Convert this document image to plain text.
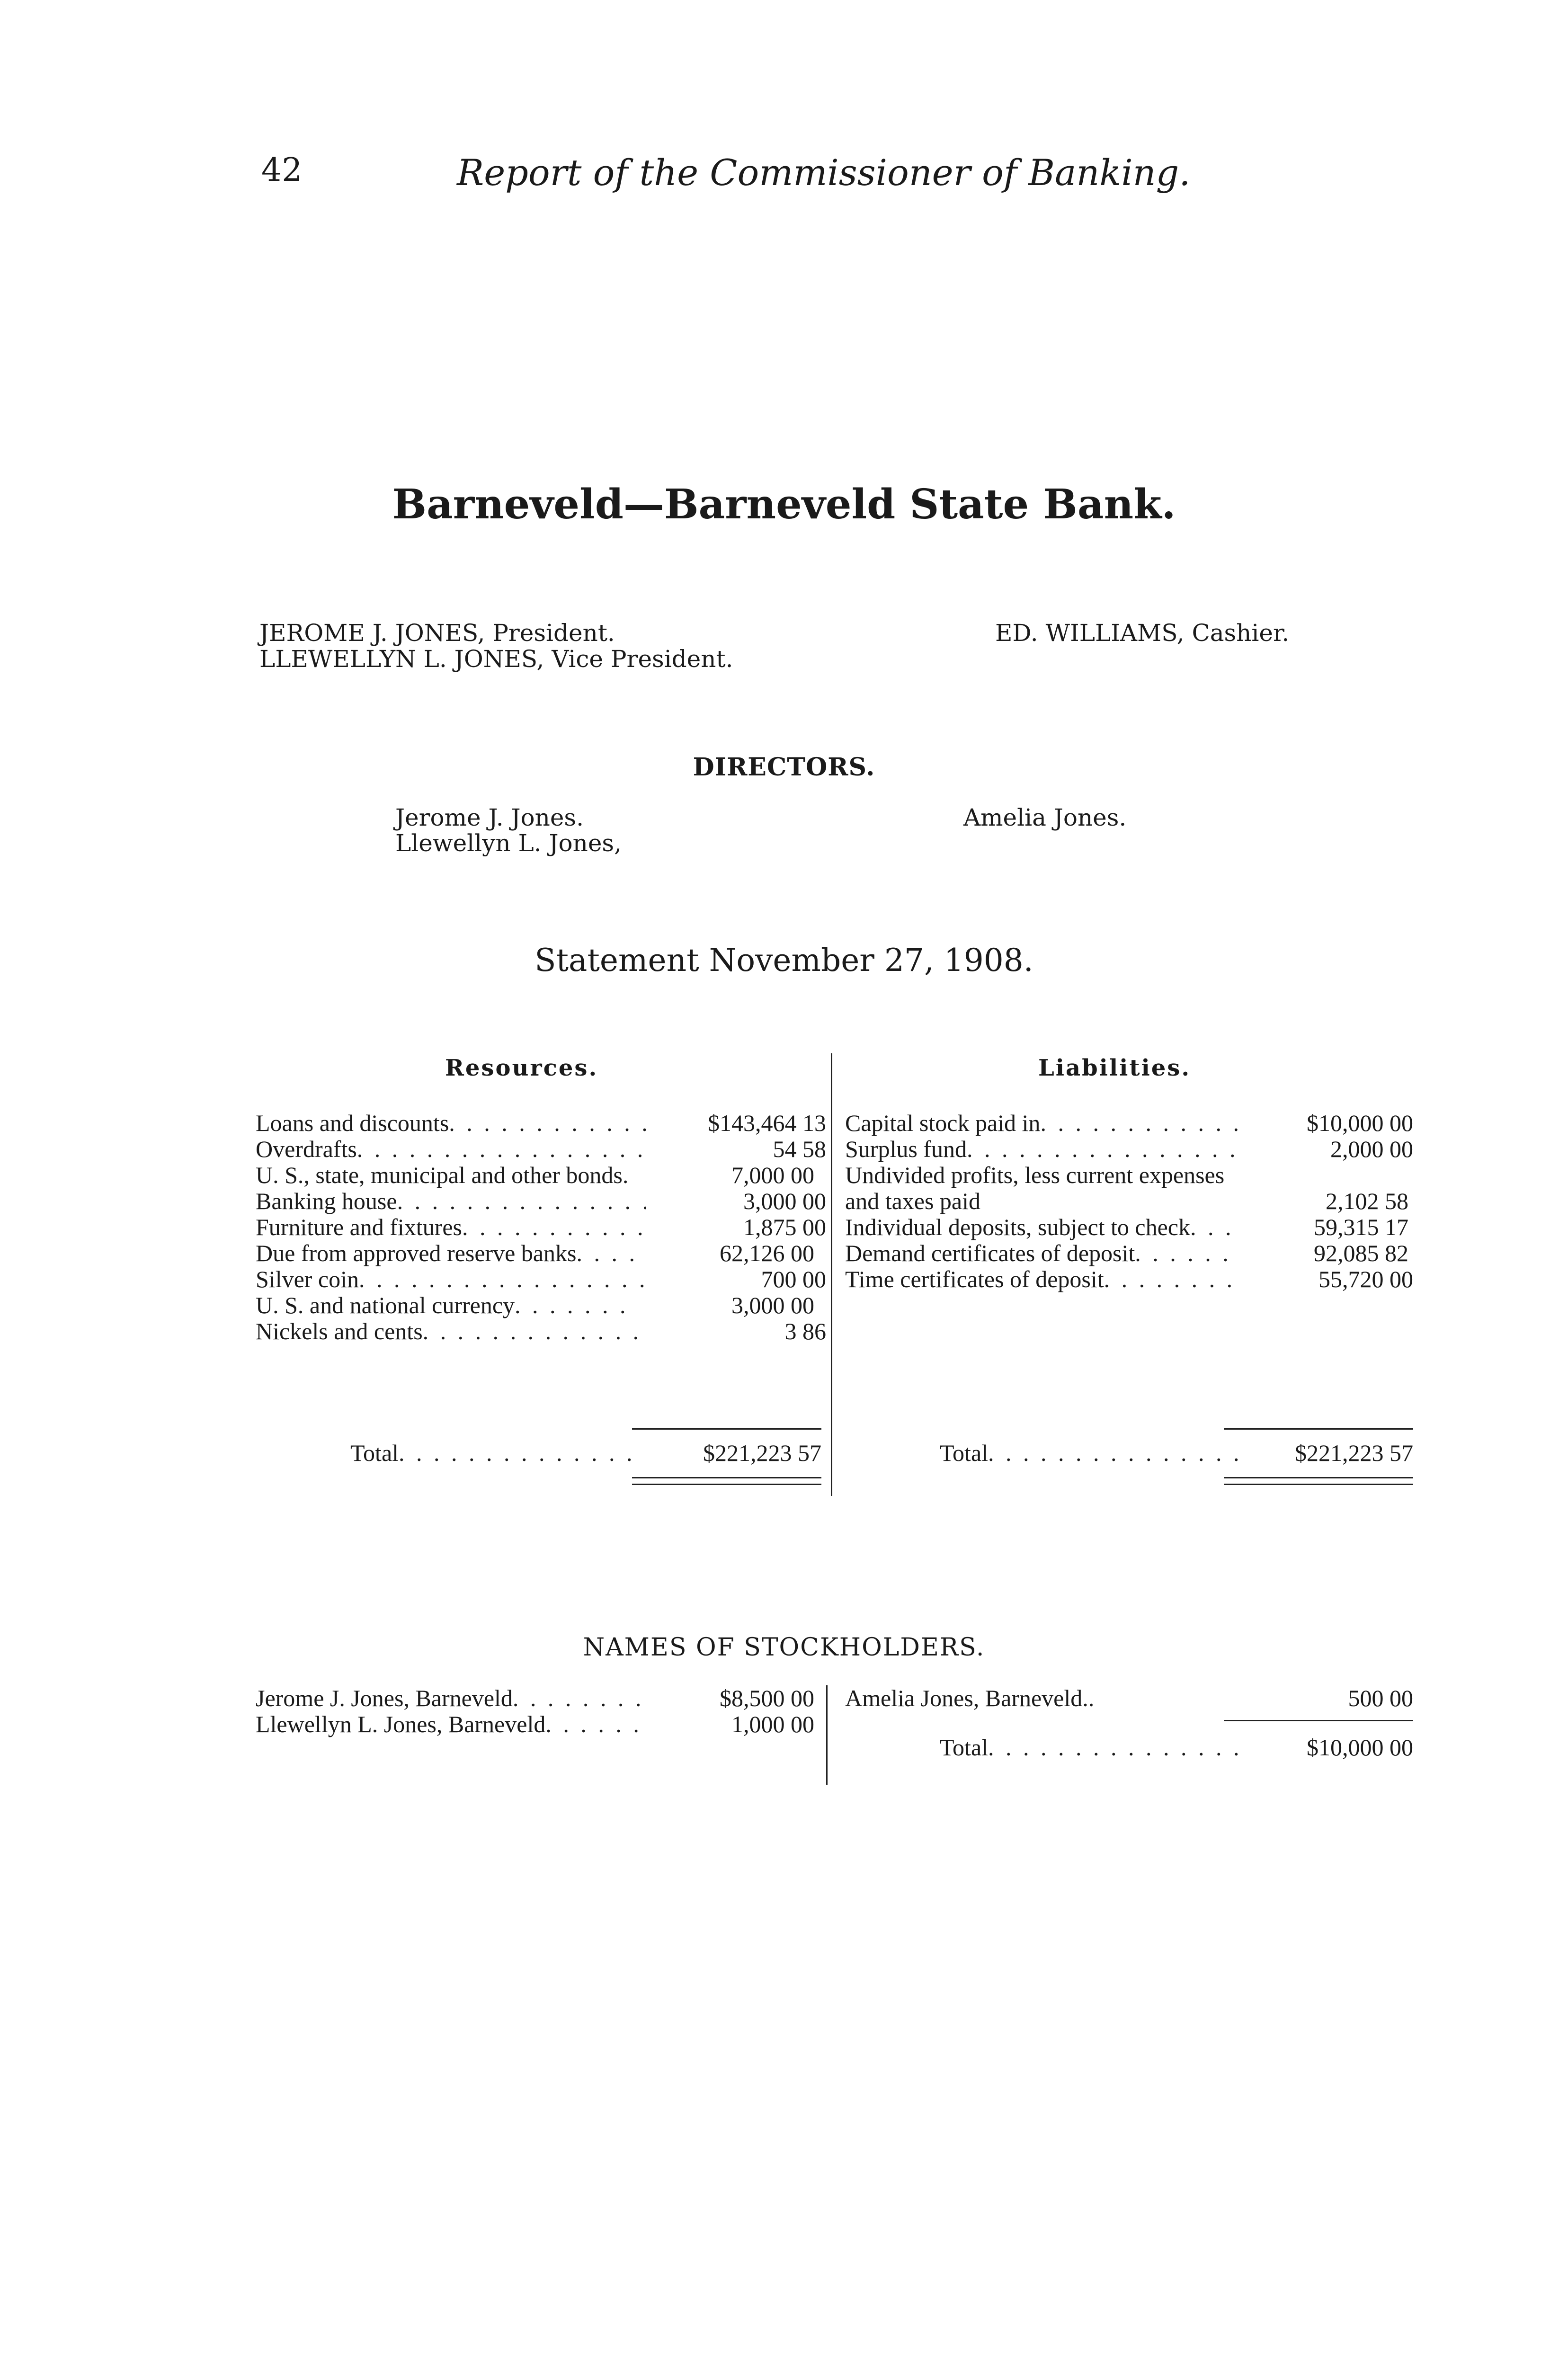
42	Report of the Commissioner of Banking.
Barneveld—Barneveld State Bank.
JEROME J. JONES, President.
LLEWELLYN L. JONES, Vice President.
ED. WILLIAMS, Cashier.
DIRECTORS.
Jerome J. Jones.
Llewellyn L. Jones,
Amelia Jones.
Statement November 27, 1908.
Resources.	Liabilities.
Loans and discounts . . .	$143,464 13
Overdrafts . . .	54 58
U. S., state, municipal and other bonds . . .	7,000 00
Banking house . . .	3,000 00
Furniture and fixtures . . .	1,875 00
Due from approved reserve banks . . .	62,126 00
Silver coin . . .	700 00
U. S. and national currency . . .	3,000 00
Nickels and cents . . .	3 86
Capital stock paid in . . .	$10,000 00
Surplus fund . . .	2,000 00
Undivided profits, less current expenses and taxes paid	2,102 58
Individual deposits, subject to check . . .	59,315 17
Demand certificates of deposit . . .	92,085 82
Time certificates of deposit . . .	55,720 00
Total . . .	$221,223 57	Total . . .	$221,223 57
NAMES OF STOCKHOLDERS.
Jerome J. Jones, Barneveld . . .	$8,500 00
Llewellyn L. Jones, Barneveld . . .	1,000 00
Amelia Jones, Barneveld..	500 00
Total . . .	$10,000 00
